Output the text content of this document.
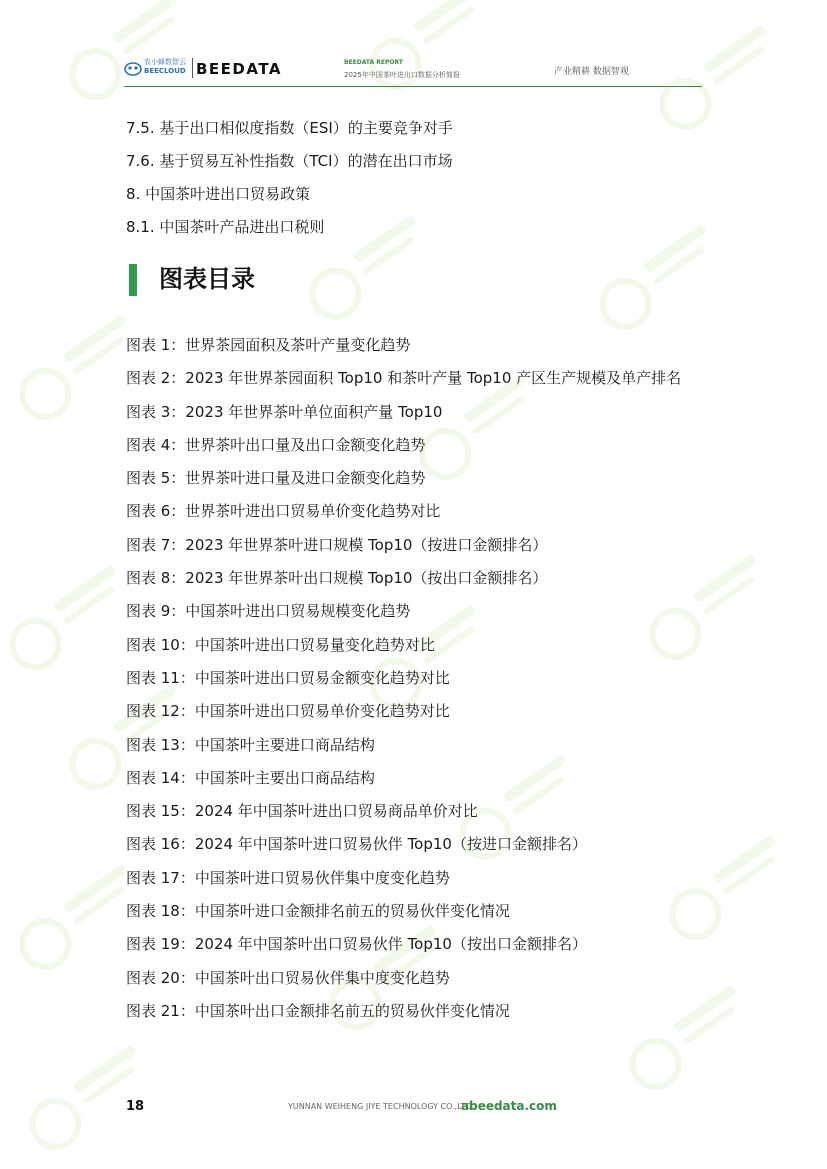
农小蜂数智云
BEECLOUD BEEDATA	BEEDATA REPORT
2025年中国茶叶进出口数据分析简报	产业精耕 数据智观
7.5. 基于出口相似度指数（ESI）的主要竞争对手
7.6. 基于贸易互补性指数（TCI）的潜在出口市场
8. 中国茶叶进出口贸易政策
8.1. 中国茶叶产品进出口税则
图表目录
图表 1：世界茶园面积及茶叶产量变化趋势
图表 2：2023 年世界茶园面积 Top10 和茶叶产量 Top10 产区生产规模及单产排名
图表 3：2023 年世界茶叶单位面积产量 Top10
图表 4：世界茶叶出口量及出口金额变化趋势
图表 5：世界茶叶进口量及进口金额变化趋势
图表 6：世界茶叶进出口贸易单价变化趋势对比
图表 7：2023 年世界茶叶进口规模 Top10（按进口金额排名）
图表 8：2023 年世界茶叶出口规模 Top10（按出口金额排名）
图表 9：中国茶叶进出口贸易规模变化趋势
图表 10：中国茶叶进出口贸易量变化趋势对比
图表 11：中国茶叶进出口贸易金额变化趋势对比
图表 12：中国茶叶进出口贸易单价变化趋势对比
图表 13：中国茶叶主要进口商品结构
图表 14：中国茶叶主要出口商品结构
图表 15：2024 年中国茶叶进出口贸易商品单价对比
图表 16：2024 年中国茶叶进口贸易伙伴 Top10（按进口金额排名）
图表 17：中国茶叶进口贸易伙伴集中度变化趋势
图表 18：中国茶叶进口金额排名前五的贸易伙伴变化情况
图表 19：2024 年中国茶叶出口贸易伙伴 Top10（按出口金额排名）
图表 20：中国茶叶出口贸易伙伴集中度变化趋势
图表 21：中国茶叶出口金额排名前五的贸易伙伴变化情况
18	YUNNAN WEIHENG JIYE TECHNOLOGY CO.,LTD.
abeedata.com
